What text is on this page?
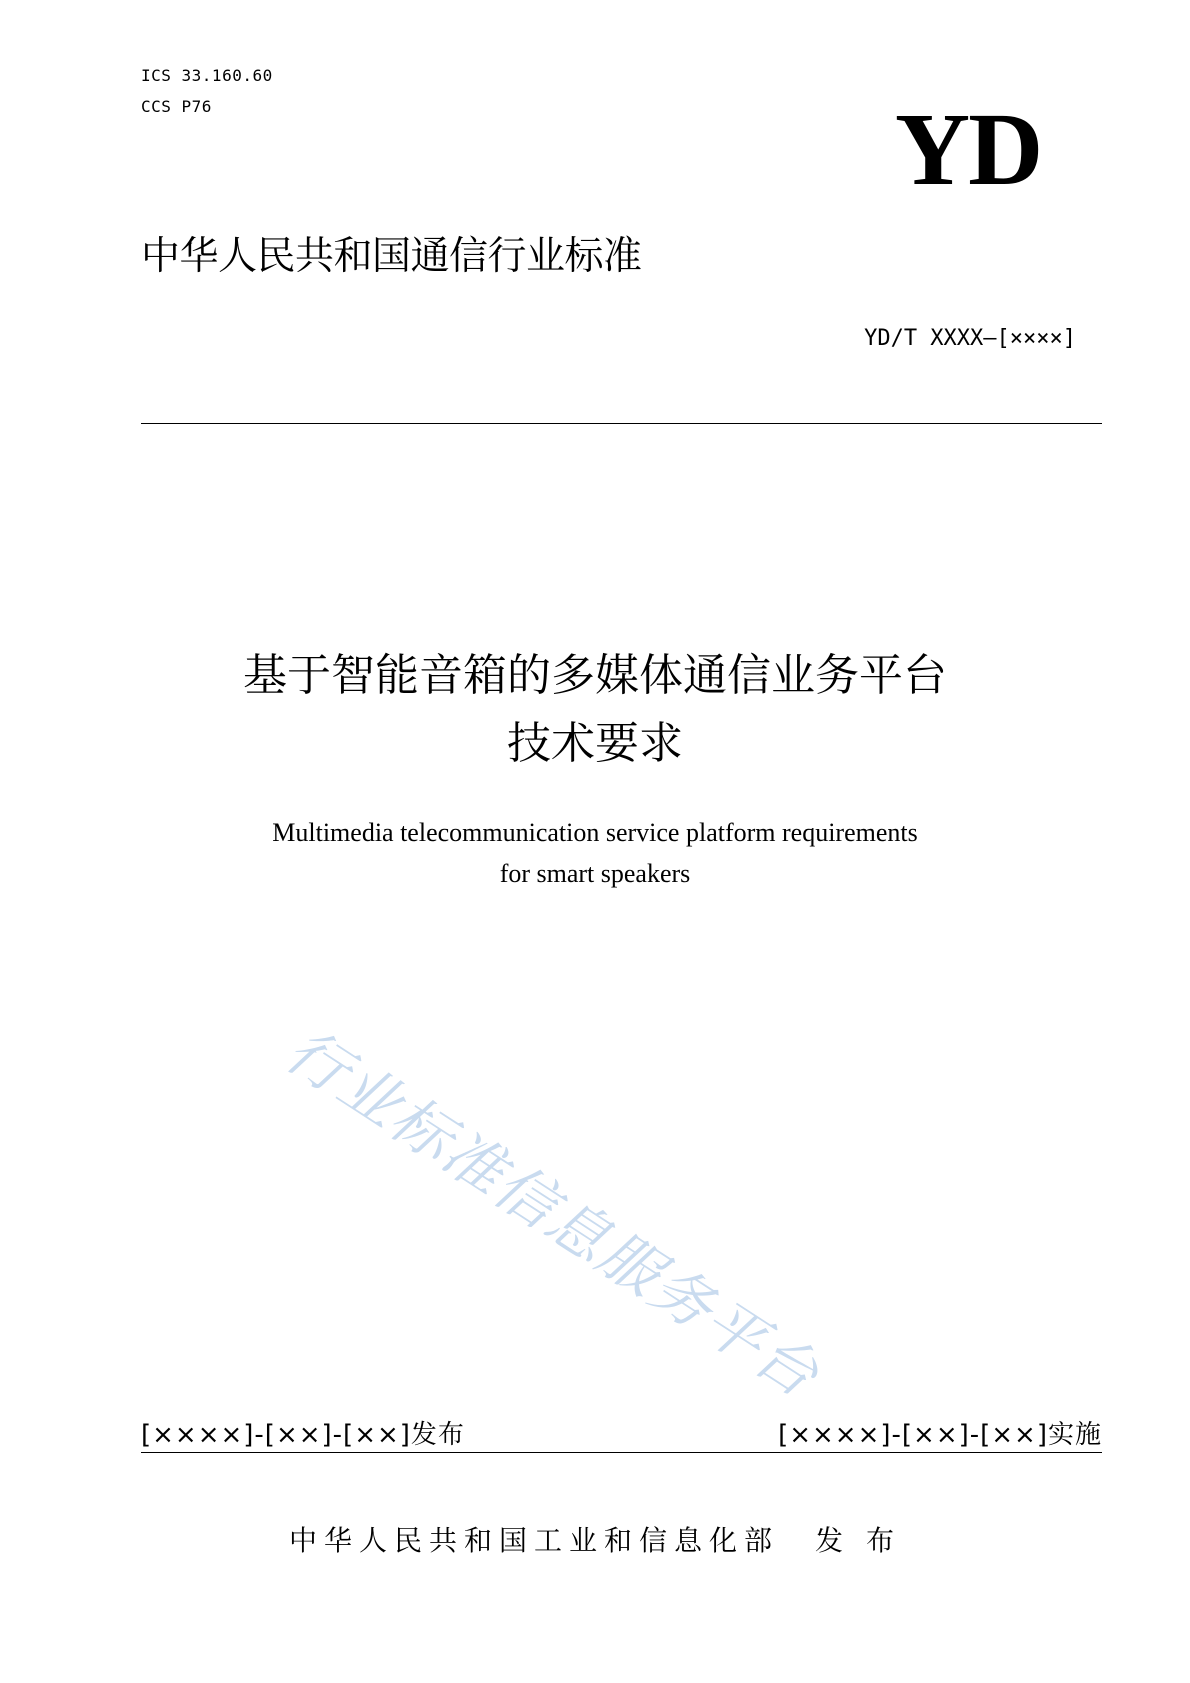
ICS 33.160.60
CCS P76	YD
中华人民共和国通信行业标准
YD/T XXXX—[××××]
基于智能音箱的多媒体通信业务平台
技术要求
Multimedia telecommunication service platform requirements
for smart speakers
行业标准信息服务平台
[××××]-[××]-[××]发布	[××××]-[××]-[××]实施
中华人民共和国工业和信息化部 发 布
